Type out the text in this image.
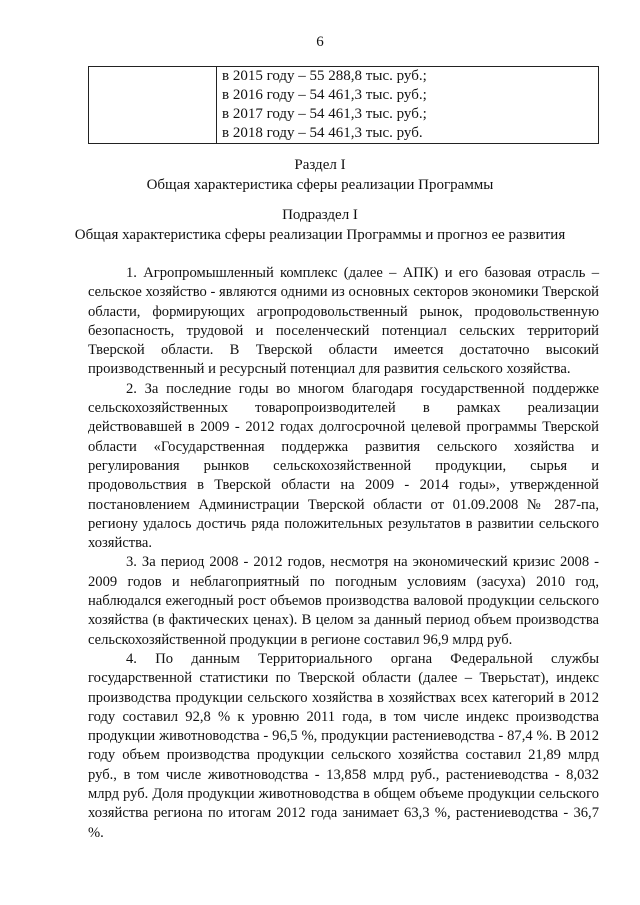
6

в 2015 году – 55 288,8 тыс. руб.;
в 2016 году – 54 461,3 тыс. руб.;
в 2017 году – 54 461,3 тыс. руб.;
в 2018 году – 54 461,3 тыс. руб.
Раздел I
Общая характеристика сферы реализации Программы
Подраздел I
Общая характеристика сферы реализации Программы и прогноз ее развития

1. Агропромышленный комплекс (далее – АПК) и его базовая отрасль – сельское хозяйство - являются одними из основных секторов экономики Тверской области, формирующих агропродовольственный рынок, продовольственную безопасность, трудовой и поселенческий потенциал сельских территорий Тверской области. В Тверской области имеется достаточно высокий производственный и ресурсный потенциал для развития сельского хозяйства.

2. За последние годы во многом благодаря государственной поддержке сельскохозяйственных товаропроизводителей в рамках реализации действовавшей в 2009 - 2012 годах долгосрочной целевой программы Тверской области «Государственная поддержка развития сельского хозяйства и регулирования рынков сельскохозяйственной продукции, сырья и продовольствия в Тверской области на 2009 - 2014 годы», утвержденной постановлением Администрации Тверской области от 01.09.2008 № 287-па, региону удалось достичь ряда положительных результатов в развитии сельского хозяйства.

3. За период 2008 - 2012 годов, несмотря на экономический кризис 2008 - 2009 годов и неблагоприятный по погодным условиям (засуха) 2010 год, наблюдался ежегодный рост объемов производства валовой продукции сельского хозяйства (в фактических ценах). В целом за данный период объем производства сельскохозяйственной продукции в регионе составил 96,9 млрд руб.

4. По данным Территориального органа Федеральной службы государственной статистики по Тверской области (далее – Тверьстат), индекс производства продукции сельского хозяйства в хозяйствах всех категорий в 2012 году составил 92,8 % к уровню 2011 года, в том числе индекс производства продукции животноводства - 96,5 %, продукции растениеводства - 87,4 %. В 2012 году объем производства продукции сельского хозяйства составил 21,89 млрд руб., в том числе животноводства - 13,858 млрд руб., растениеводства - 8,032 млрд руб. Доля продукции животноводства в общем объеме продукции сельского хозяйства региона по итогам 2012 года занимает 63,3 %, растениеводства - 36,7 %.
